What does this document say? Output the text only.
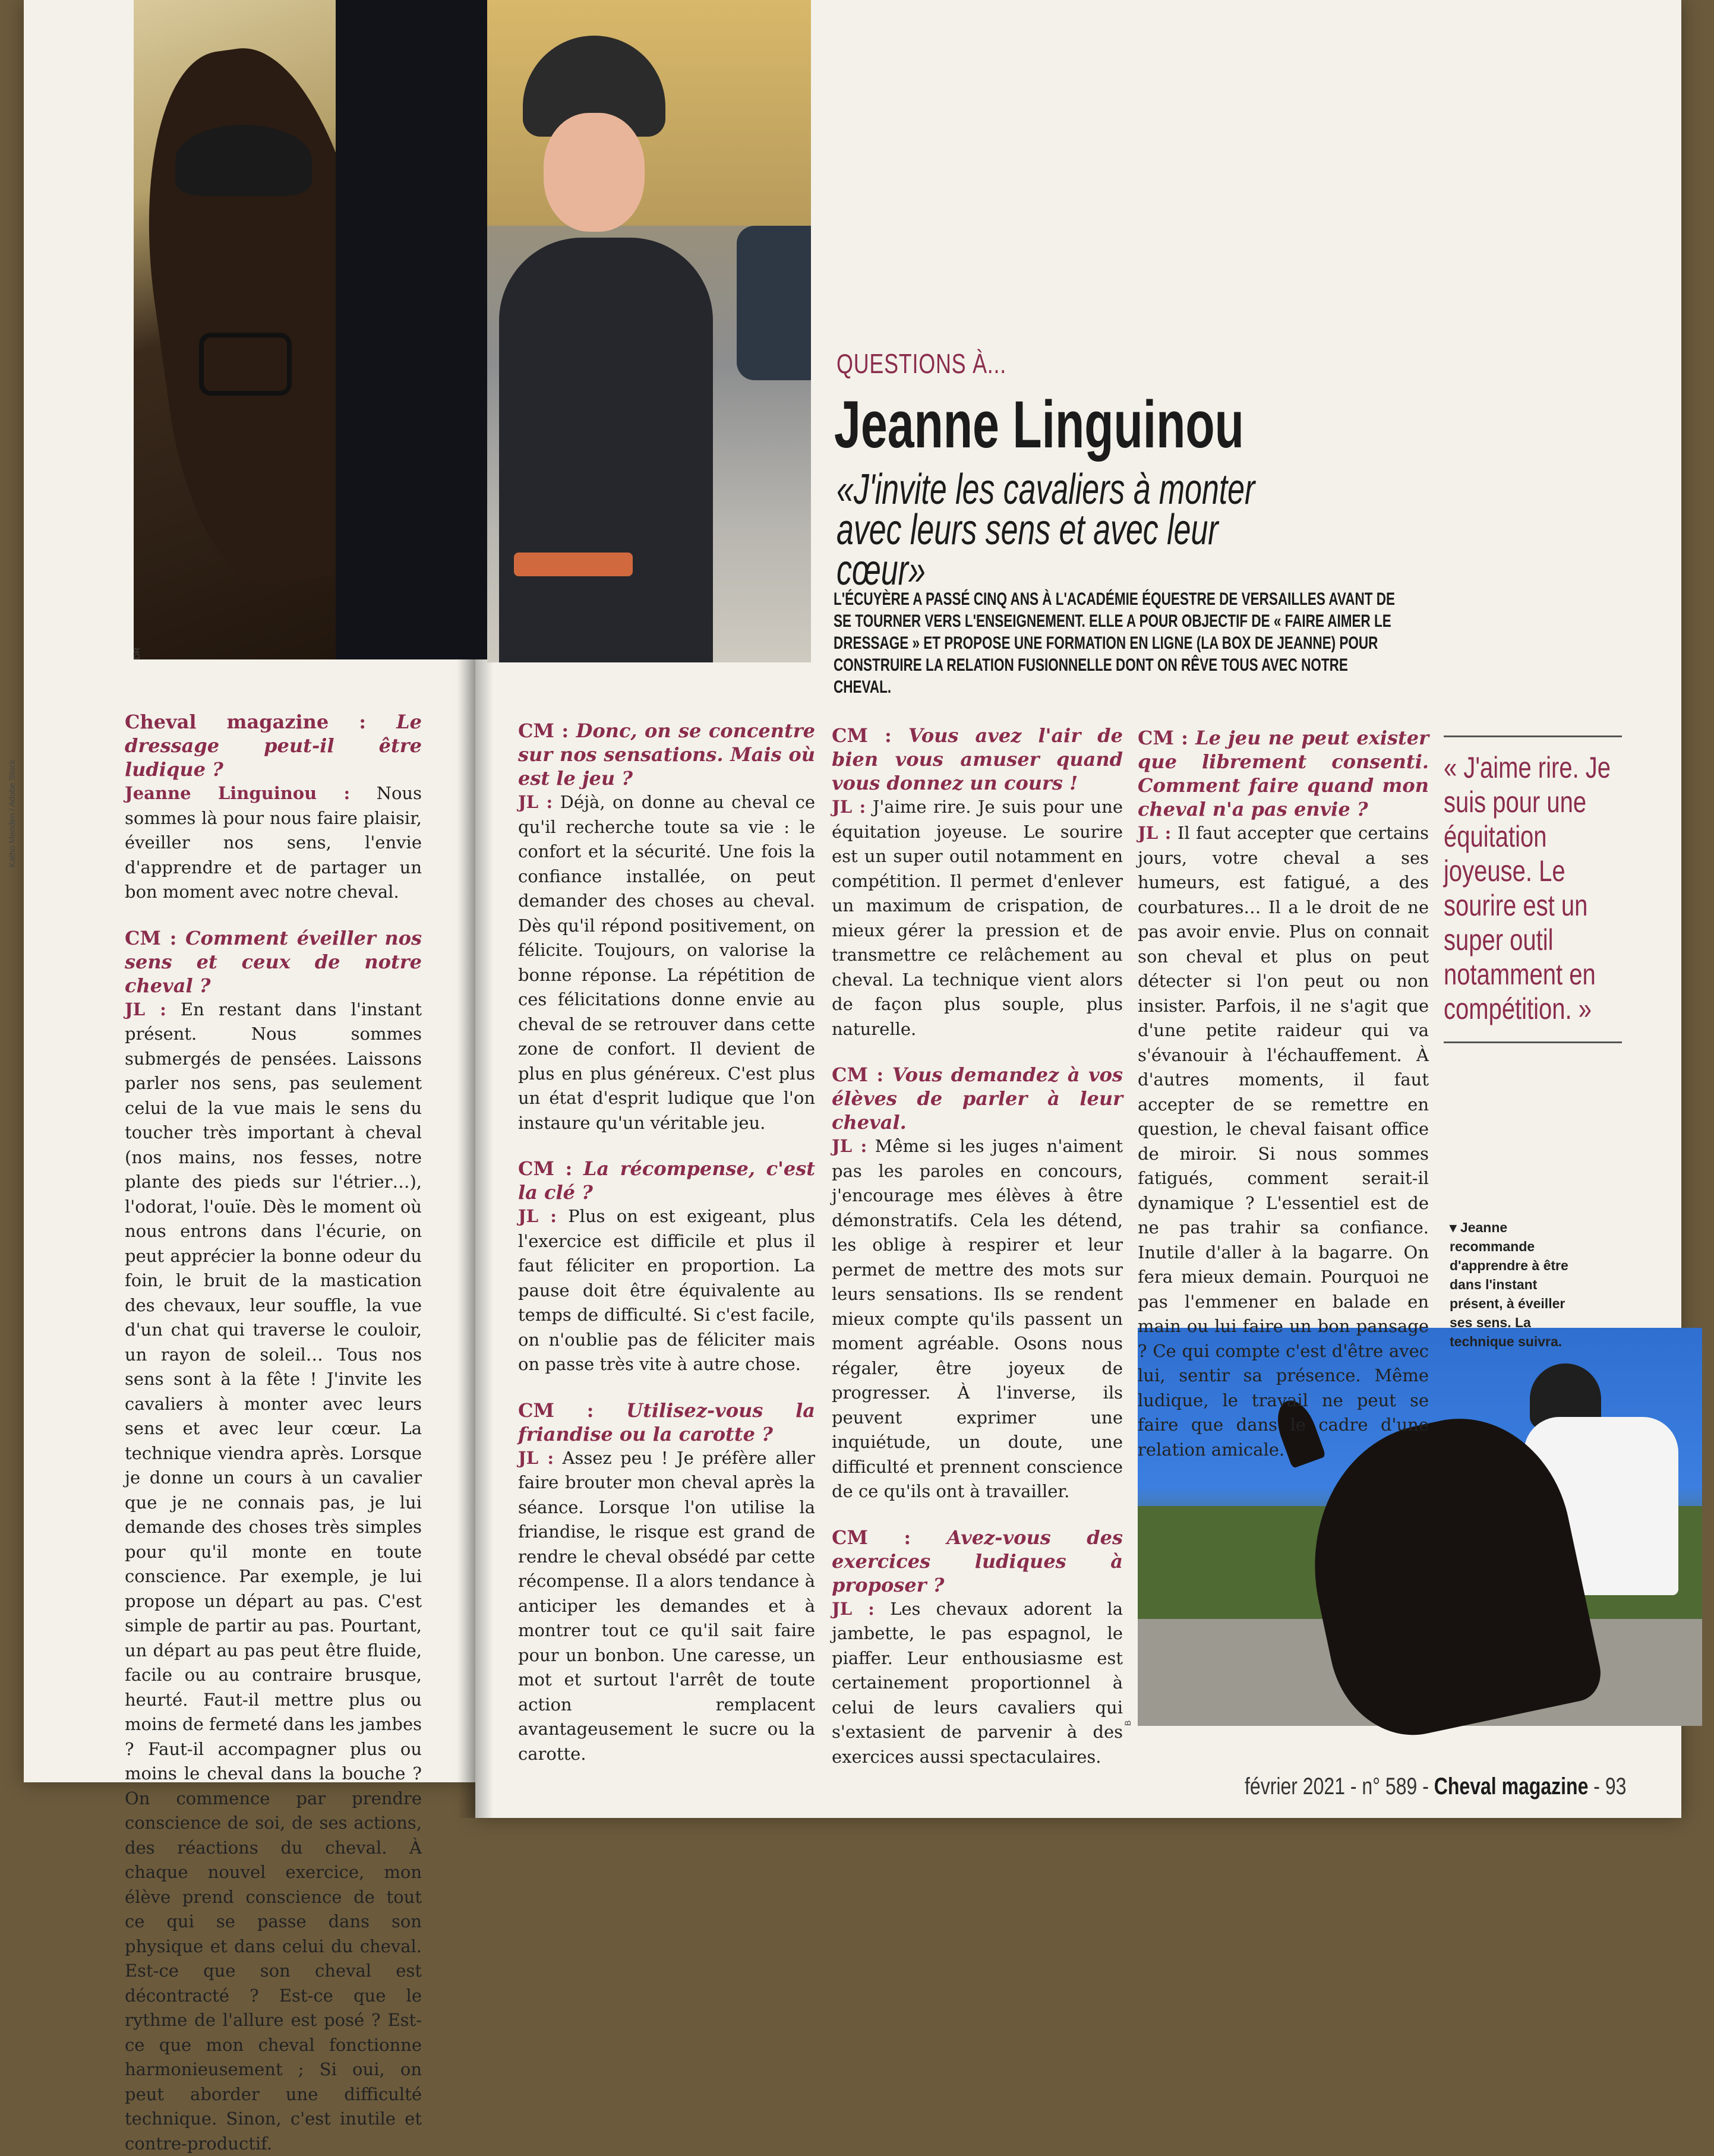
Katho Menden / Adobe Stock
DR
B
QUESTIONS À...
Jeanne Linguinou
«J'invite les cavaliers à monter avec leurs sens et avec leur cœur»
L'ÉCUYÈRE A PASSÉ CINQ ANS À L'ACADÉMIE ÉQUESTRE DE VERSAILLES AVANT DE SE TOURNER VERS L'ENSEIGNEMENT. ELLE A POUR OBJECTIF DE « FAIRE AIMER LE DRESSAGE » ET PROPOSE UNE FORMATION EN LIGNE (LA BOX DE JEANNE) POUR CONSTRUIRE LA RELATION FUSIONNELLE DONT ON RÊVE TOUS AVEC NOTRE CHEVAL.
Cheval magazine : Le dressage peut-il être ludique ?
Jeanne Linguinou : Nous sommes là pour nous faire plaisir, éveiller nos sens, l'envie d'apprendre et de partager un bon moment avec notre cheval.
CM : Comment éveiller nos sens et ceux de notre cheval ?
JL : En restant dans l'instant présent. Nous sommes submergés de pensées. Laissons parler nos sens, pas seulement celui de la vue mais le sens du toucher très important à cheval (nos mains, nos fesses, notre plante des pieds sur l'étrier…), l'odorat, l'ouïe. Dès le moment où nous entrons dans l'écurie, on peut apprécier la bonne odeur du foin, le bruit de la mastication des chevaux, leur souffle, la vue d'un chat qui traverse le couloir, un rayon de soleil… Tous nos sens sont à la fête ! J'invite les cavaliers à monter avec leurs sens et avec leur cœur. La technique viendra après. Lorsque je donne un cours à un cavalier que je ne connais pas, je lui demande des choses très simples pour qu'il monte en toute conscience. Par exemple, je lui propose un départ au pas. C'est simple de partir au pas. Pourtant, un départ au pas peut être fluide, facile ou au contraire brusque, heurté. Faut-il mettre plus ou moins de fermeté dans les jambes ? Faut-il accompagner plus ou moins le cheval dans la bouche ? On commence par prendre conscience de soi, de ses actions, des réactions du cheval. À chaque nouvel exercice, mon élève prend conscience de tout ce qui se passe dans son physique et dans celui du cheval. Est-ce que son cheval est décontracté ? Est-ce que le rythme de l'allure est posé ? Est-ce que mon cheval fonctionne harmonieusement ; Si oui, on peut aborder une difficulté technique. Sinon, c'est inutile et contre-productif.
CM : Donc, on se concentre sur nos sensations. Mais où est le jeu ?
JL : Déjà, on donne au cheval ce qu'il recherche toute sa vie : le confort et la sécurité. Une fois la confiance installée, on peut demander des choses au cheval. Dès qu'il répond positivement, on félicite. Toujours, on valorise la bonne réponse. La répétition de ces félicitations donne envie au cheval de se retrouver dans cette zone de confort. Il devient de plus en plus généreux. C'est plus un état d'esprit ludique que l'on instaure qu'un véritable jeu.
CM : La récompense, c'est la clé ?
JL : Plus on est exigeant, plus l'exercice est difficile et plus il faut féliciter en proportion. La pause doit être équivalente au temps de difficulté. Si c'est facile, on n'oublie pas de féliciter mais on passe très vite à autre chose.
CM : Utilisez-vous la friandise ou la carotte ?
JL : Assez peu ! Je préfère aller faire brouter mon cheval après la séance. Lorsque l'on utilise la friandise, le risque est grand de rendre le cheval obsédé par cette récompense. Il a alors tendance à anticiper les demandes et à montrer tout ce qu'il sait faire pour un bonbon. Une caresse, un mot et surtout l'arrêt de toute action remplacent avantageusement le sucre ou la carotte.
CM : Vous avez l'air de bien vous amuser quand vous donnez un cours !
JL : J'aime rire. Je suis pour une équitation joyeuse. Le sourire est un super outil notamment en compétition. Il permet d'enlever un maximum de crispation, de mieux gérer la pression et de transmettre ce relâchement au cheval. La technique vient alors de façon plus souple, plus naturelle.
CM : Vous demandez à vos élèves de parler à leur cheval.
JL : Même si les juges n'aiment pas les paroles en concours, j'encourage mes élèves à être démonstratifs. Cela les détend, les oblige à respirer et leur permet de mettre des mots sur leurs sensations. Ils se rendent mieux compte qu'ils passent un moment agréable. Osons nous régaler, être joyeux de progresser. À l'inverse, ils peuvent exprimer une inquiétude, un doute, une difficulté et prennent conscience de ce qu'ils ont à travailler.
CM : Avez-vous des exercices ludiques à proposer ?
JL : Les chevaux adorent la jambette, le pas espagnol, le piaffer. Leur enthousiasme est certainement proportionnel à celui de leurs cavaliers qui s'extasient de parvenir à des exercices aussi spectaculaires.
CM : Le jeu ne peut exister que librement consenti. Comment faire quand mon cheval n'a pas envie ?
JL : Il faut accepter que certains jours, votre cheval a ses humeurs, est fatigué, a des courbatures… Il a le droit de ne pas avoir envie. Plus on connait son cheval et plus on peut détecter si l'on peut ou non insister. Parfois, il ne s'agit que d'une petite raideur qui va s'évanouir à l'échauffement. À d'autres moments, il faut accepter de se remettre en question, le cheval faisant office de miroir. Si nous sommes fatigués, comment serait-il dynamique ? L'essentiel est de ne pas trahir sa confiance. Inutile d'aller à la bagarre. On fera mieux demain. Pourquoi ne pas l'emmener en balade en main ou lui faire un bon pansage ? Ce qui compte c'est d'être avec lui, sentir sa présence. Même ludique, le travail ne peut se faire que dans le cadre d'une relation amicale.
« J'aime rire. Je suis pour une équitation joyeuse. Le sourire est un super outil notamment en compétition. »
▾ Jeanne recommande d'apprendre à être dans l'instant présent, à éveiller ses sens. La technique suivra.
février 2021 - n° 589 - Cheval magazine - 93
